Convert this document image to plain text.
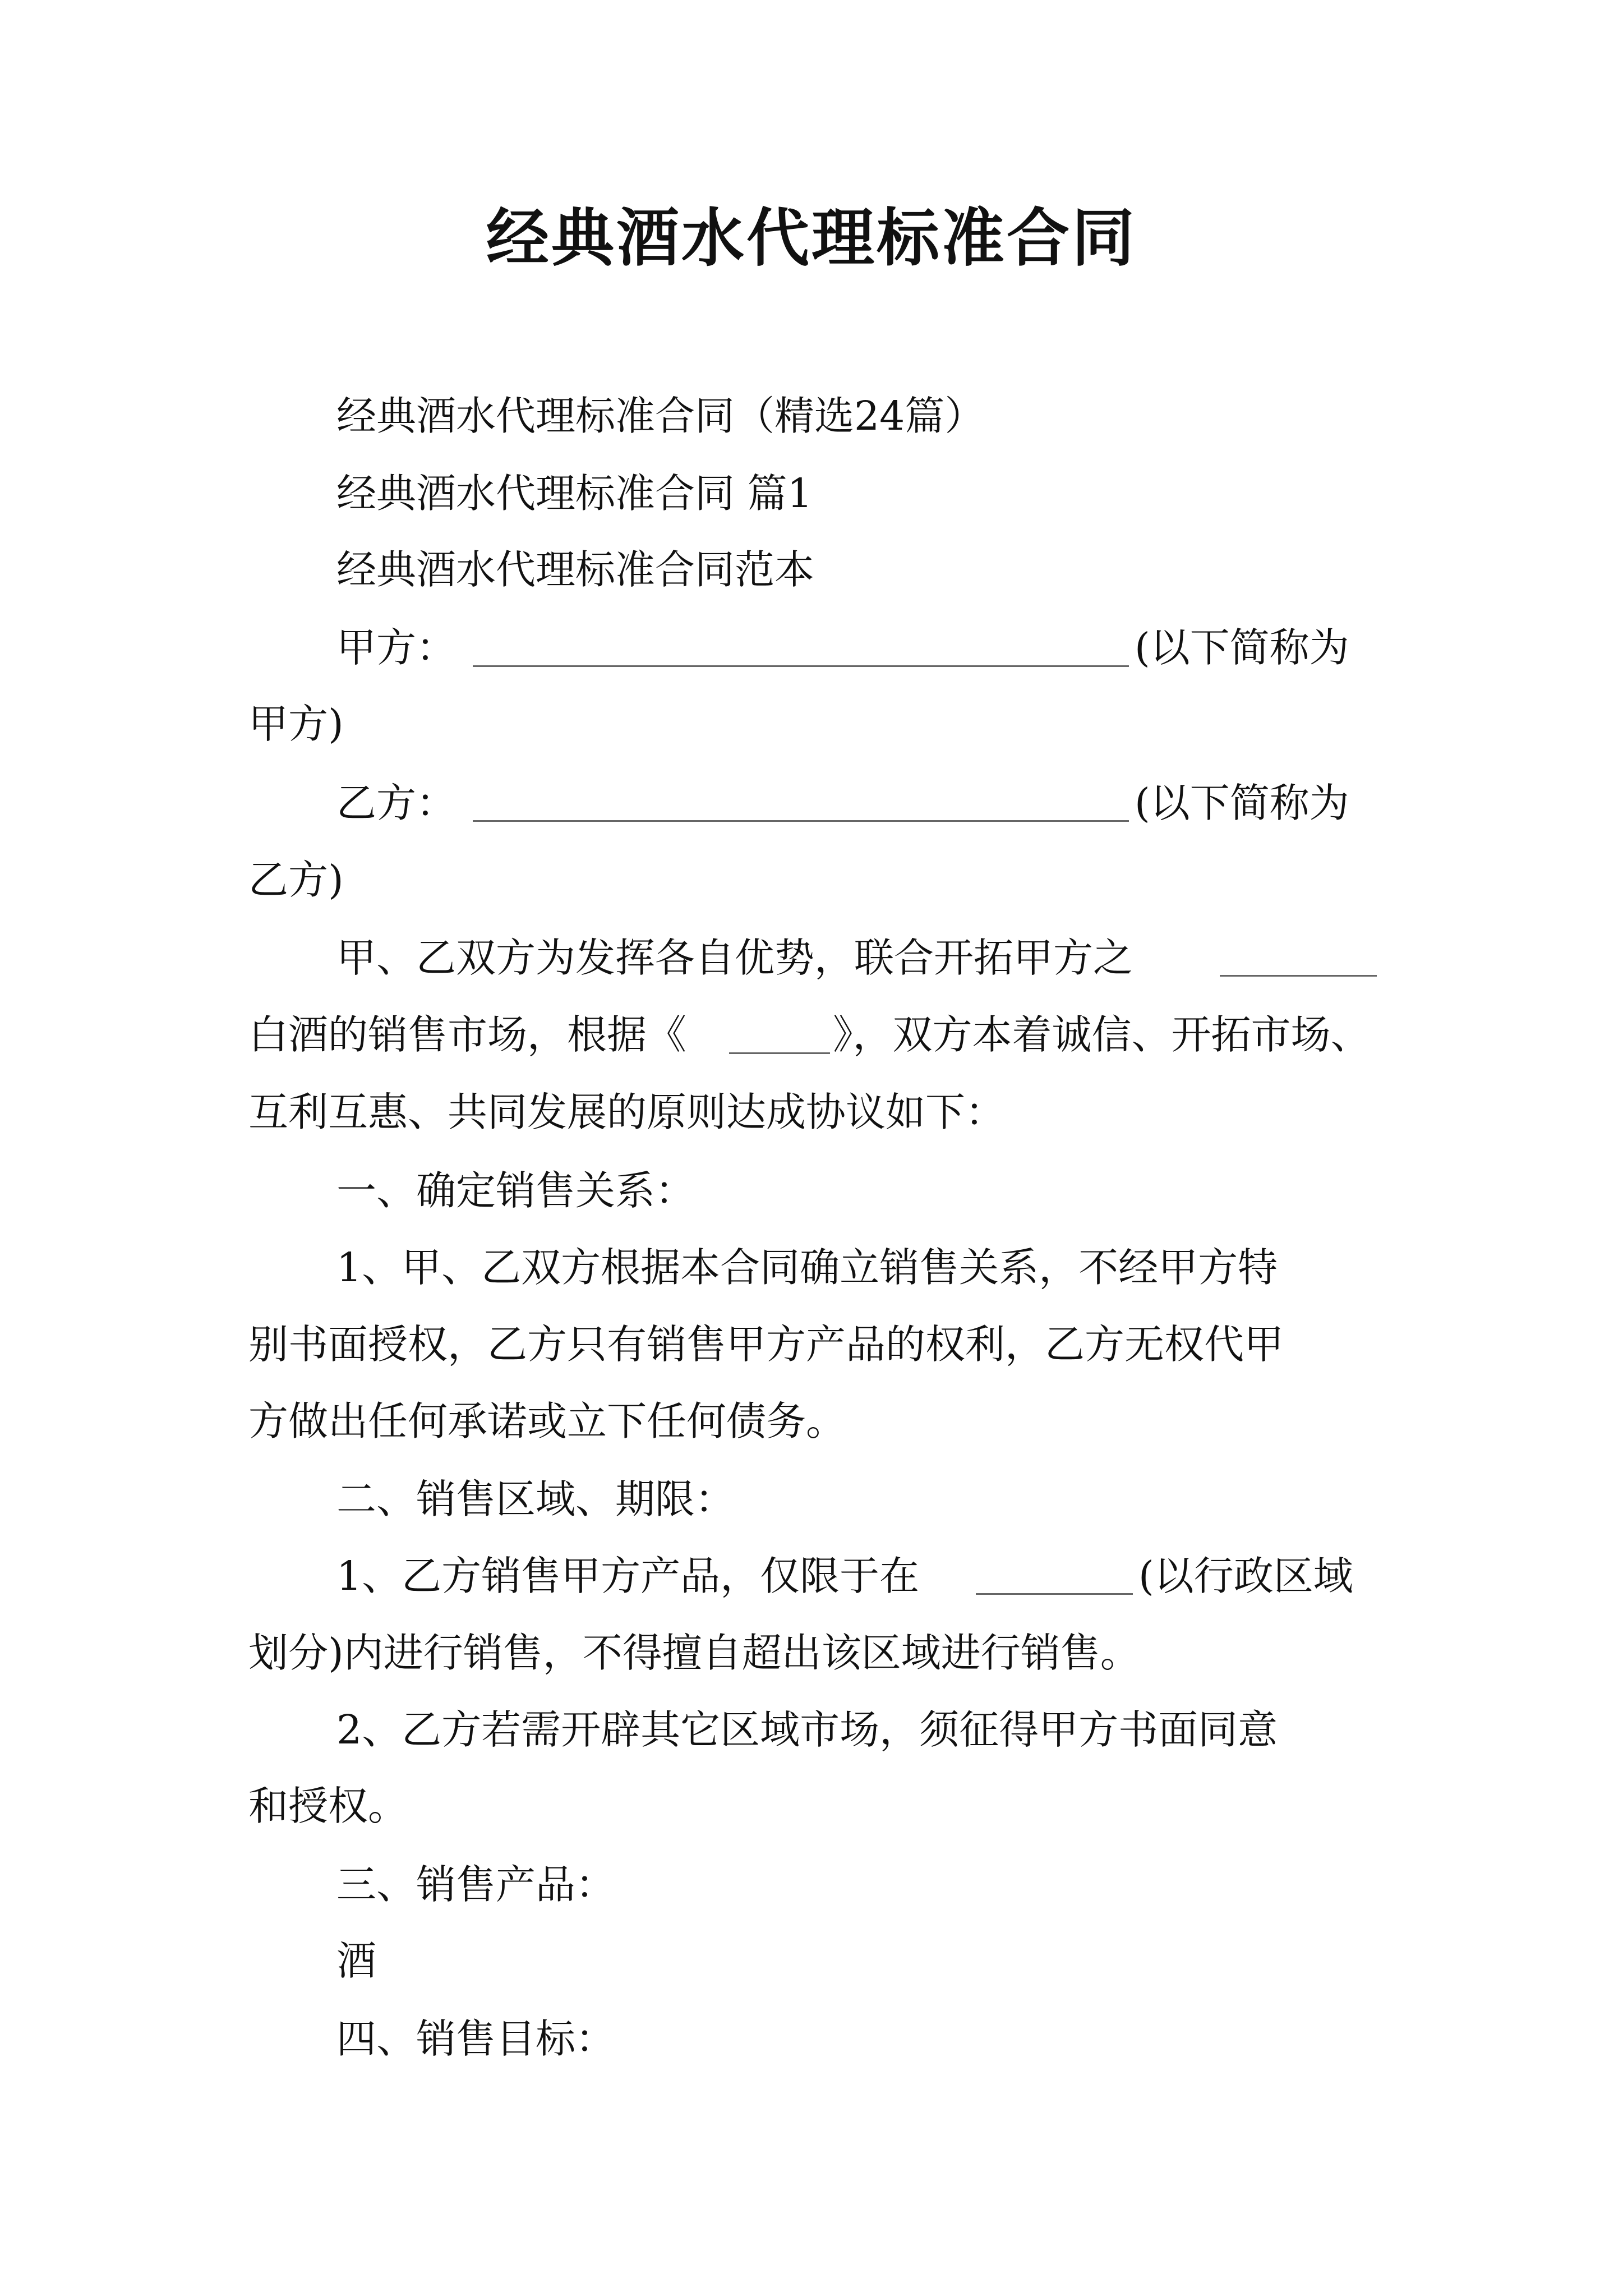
经典酒水代理标准合同
经典酒水代理标准合同（精选24篇）
经典酒水代理标准合同 篇1
经典酒水代理标准合同范本
甲方：	(以下简称为
甲方)
乙方：	(以下简称为
乙方)
甲、乙双方为发挥各自优势，联合开拓甲方之
白酒的销售市场，根据《	》，双方本着诚信、开拓市场、
互利互惠、共同发展的原则达成协议如下：
一、确定销售关系：
1、甲、乙双方根据本合同确立销售关系，不经甲方特
别书面授权，乙方只有销售甲方产品的权利，乙方无权代甲
方做出任何承诺或立下任何债务。
二、销售区域、期限：
1、乙方销售甲方产品，仅限于在	(以行政区域
划分)内进行销售，不得擅自超出该区域进行销售。
2、乙方若需开辟其它区域市场，须征得甲方书面同意
和授权。
三、销售产品：
酒
四、销售目标：
